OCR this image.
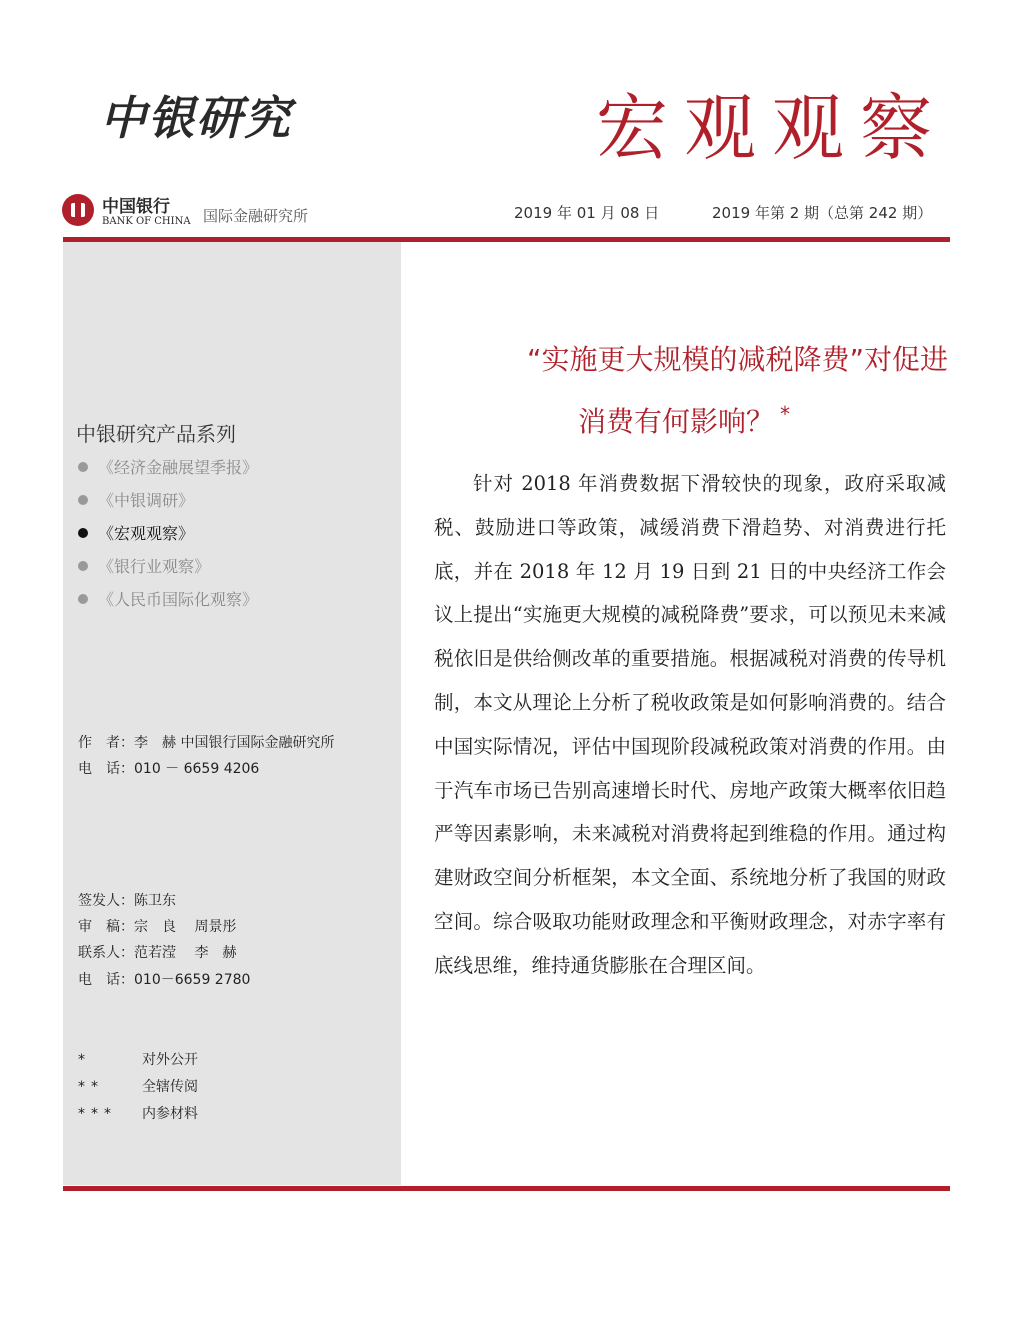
中银研究	宏观观察
中国银行
BANK OF CHINA 国际金融研究所	2019 年 01 月 08 日	2019 年第 2 期（总第 242 期）
中银研究产品系列
《经济金融展望季报》
《中银调研》
《宏观观察》
《银行业观察》
《人民币国际化观察》
作　者：李　赫 中国银行国际金融研究所
电　话：010 － 6659 4206
签发人：陈卫东
审　稿：宗　良　 周景彤
联系人：范若滢　 李　赫
电　话：010－6659 2780
*	对外公开
**	全辖传阅
*** 内参材料
“实施更大规模的减税降费”对促进
消费有何影响？ *

针对 2018 年消费数据下滑较快的现象，政府采取减税、鼓励进口等政策，减缓消费下滑趋势、对消费进行托底，并在 2018 年 12 月 19 日到 21 日的中央经济工作会议上提出“实施更大规模的减税降费”要求，可以预见未来减税依旧是供给侧改革的重要措施。根据减税对消费的传导机制，本文从理论上分析了税收政策是如何影响消费的。结合中国实际情况，评估中国现阶段减税政策对消费的作用。由于汽车市场已告别高速增长时代、房地产政策大概率依旧趋严等因素影响，未来减税对消费将起到维稳的作用。通过构建财政空间分析框架，本文全面、系统地分析了我国的财政空间。综合吸取功能财政理念和平衡财政理念，对赤字率有底线思维，维持通货膨胀在合理区间。
